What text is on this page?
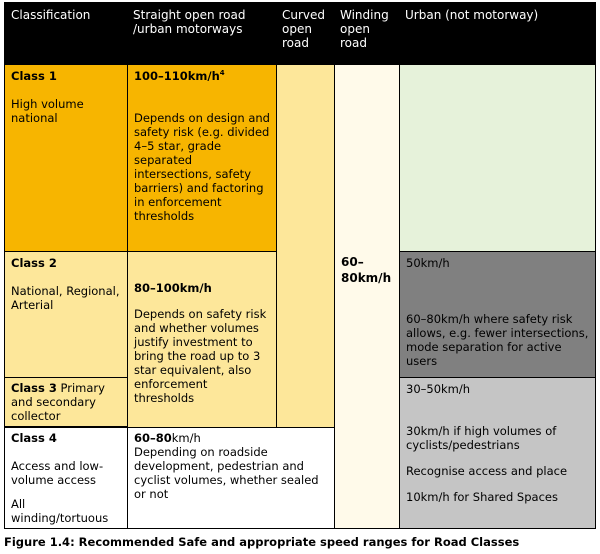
Classification	Straight open road /urban motorways
Curved open road
Winding open road
Urban (not motorway)
60–80km/h
Class 1
High volume national
$100-110km/h^4$
Depends on design and safety risk (e.g. divided 4–5 star, grade separated intersections, safety barriers) and factoring in enforcement thresholds
Class 2
National, Regional, Arterial
80–100km/h
Depends on safety risk and whether volumes justify investment to bring the road up to 3 star equivalent, also enforcement thresholds
50km/h
60–80km/h where safety risk allows, e.g. fewer intersections, mode separation for active users
Class 3 Primary and secondary collector
30–50km/h
30km/h if high volumes of cyclists/pedestrians
Recognise access and place
10km/h for Shared Spaces
Class 4
Access and low-volume access
All winding/tortuous
60–80km/h
Depending on roadside development, pedestrian and cyclist volumes, whether sealed or not
Figure 1.4: Recommended Safe and appropriate speed ranges for Road Classes
